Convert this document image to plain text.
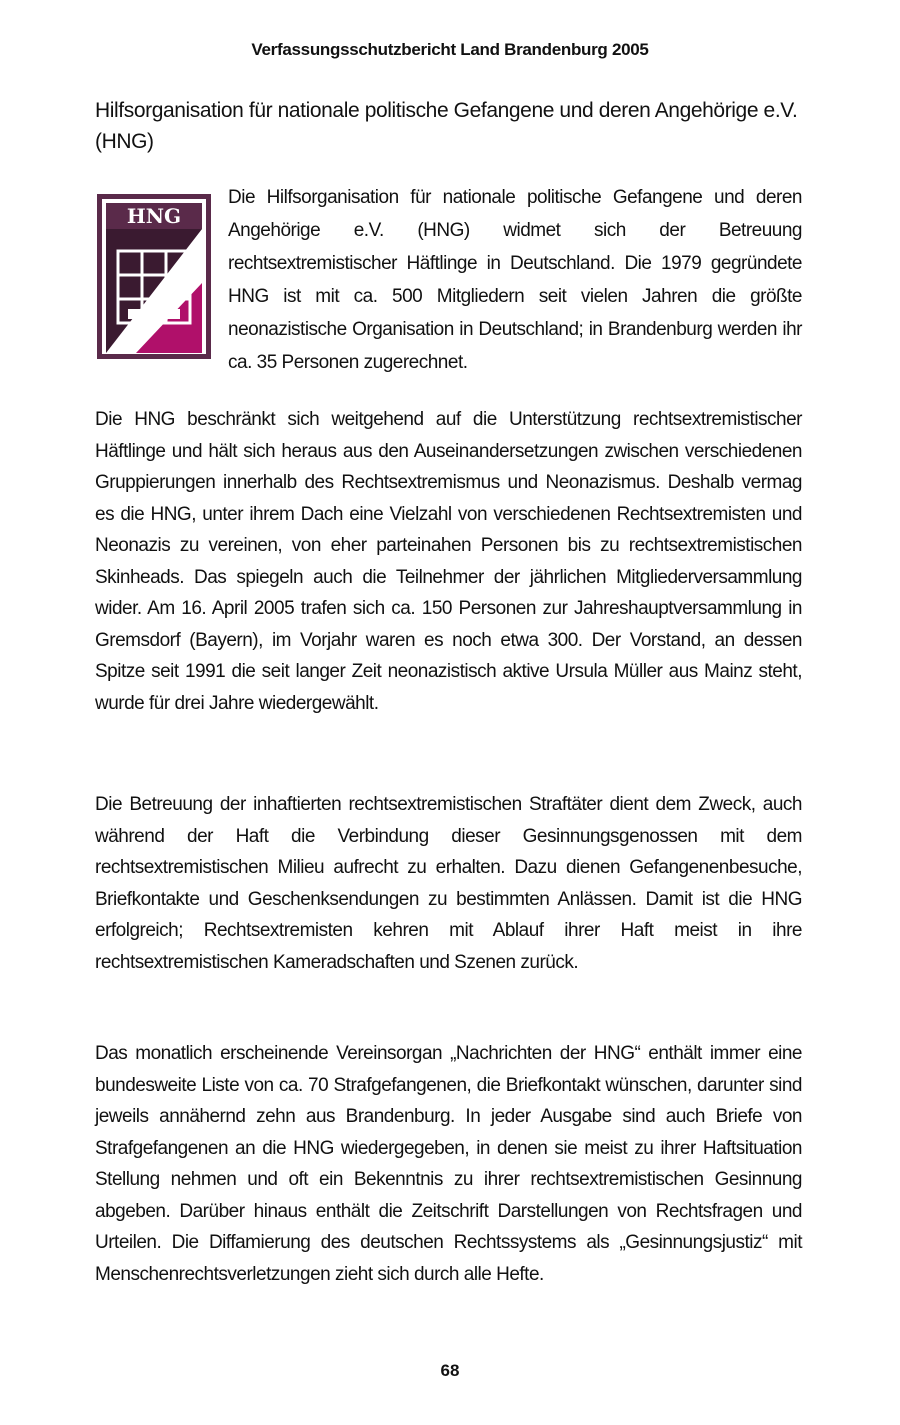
Verfassungsschutzbericht Land Brandenburg 2005
Hilfsorganisation für nationale politische Gefangene und deren Angehörige e.V. (HNG)
HNG
Die Hilfsorganisation für nationale politische Gefangene und deren Angehörige e.V. (HNG) widmet sich der Betreuung rechtsextremistischer Häftlinge in Deutschland. Die 1979 gegründete HNG ist mit ca. 500 Mitgliedern seit vielen Jahren die größte neonazistische Organisation in Deutschland; in Brandenburg werden ihr ca. 35 Personen zugerechnet.
Die HNG beschränkt sich weitgehend auf die Unterstützung rechtsextremistischer Häftlinge und hält sich heraus aus den Auseinandersetzungen zwischen verschiedenen Gruppierungen innerhalb des Rechtsextremismus und Neonazismus. Deshalb vermag es die HNG, unter ihrem Dach eine Vielzahl von verschiedenen Rechtsextremisten und Neonazis zu vereinen, von eher parteinahen Personen bis zu rechtsextremistischen Skinheads. Das spiegeln auch die Teilnehmer der jährlichen Mitgliederversammlung wider. Am 16. April 2005 trafen sich ca. 150 Personen zur Jahreshauptversammlung in Gremsdorf (Bayern), im Vorjahr waren es noch etwa 300. Der Vorstand, an dessen Spitze seit 1991 die seit langer Zeit neonazistisch aktive Ursula Müller aus Mainz steht, wurde für drei Jahre wiedergewählt.
Die Betreuung der inhaftierten rechtsextremistischen Straftäter dient dem Zweck, auch während der Haft die Verbindung dieser Gesinnungsgenossen mit dem rechtsextremistischen Milieu aufrecht zu erhalten. Dazu dienen Gefangenenbesuche, Briefkontakte und Geschenksendungen zu bestimmten Anlässen. Damit ist die HNG erfolgreich; Rechtsextremisten kehren mit Ablauf ihrer Haft meist in ihre rechtsextremistischen Kameradschaften und Szenen zurück.
Das monatlich erscheinende Vereinsorgan „Nachrichten der HNG“ enthält immer eine bundesweite Liste von ca. 70 Strafgefangenen, die Briefkontakt wünschen, darunter sind jeweils annähernd zehn aus Brandenburg. In jeder Ausgabe sind auch Briefe von Strafgefangenen an die HNG wiedergegeben, in denen sie meist zu ihrer Haftsituation Stellung nehmen und oft ein Bekenntnis zu ihrer rechtsextremistischen Gesinnung abgeben. Darüber hinaus enthält die Zeitschrift Darstellungen von Rechtsfragen und Urteilen. Die Diffamierung des deutschen Rechtssystems als „Gesinnungsjustiz“ mit Menschenrechtsverletzungen zieht sich durch alle Hefte.
68
